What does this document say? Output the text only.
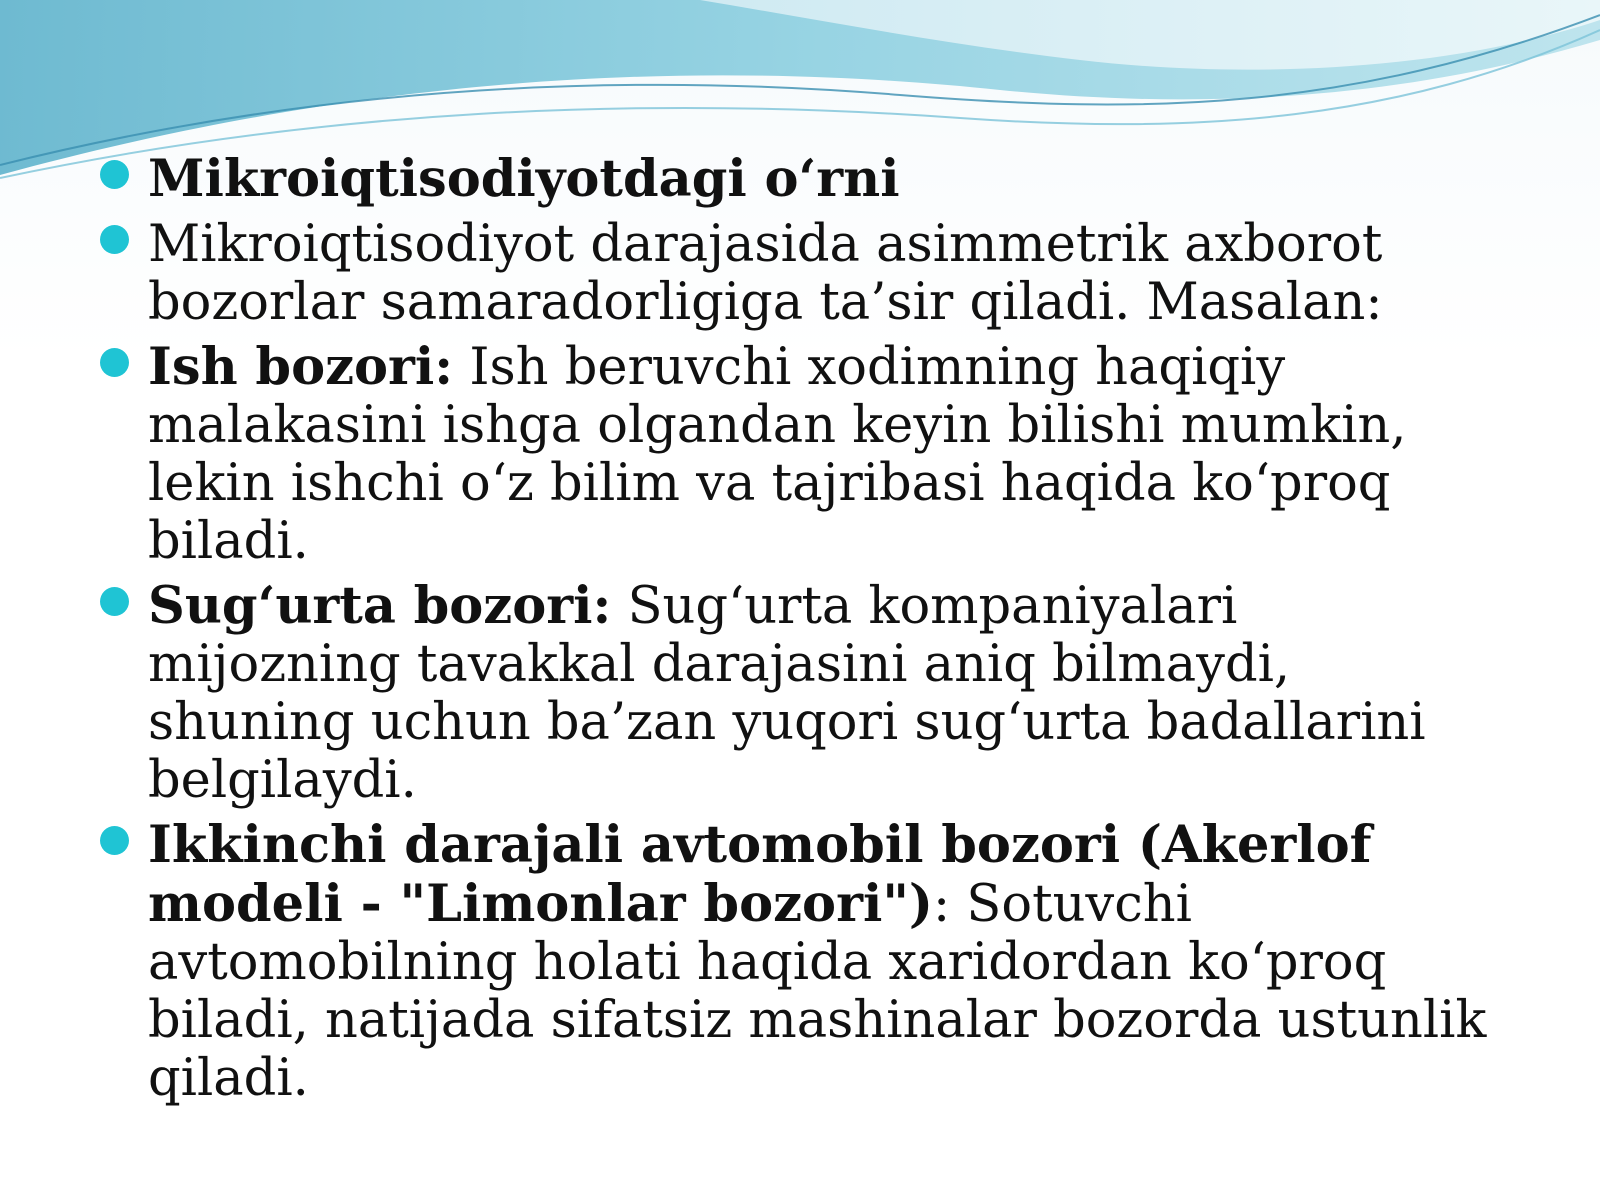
Mikroiqtisodiyotdagi o‘rni
Mikroiqtisodiyot darajasida asimmetrik axborot bozorlar samaradorligiga ta’sir qiladi. Masalan:
Ish bozori: Ish beruvchi xodimning haqiqiy malakasini ishga olgandan keyin bilishi mumkin, lekin ishchi o‘z bilim va tajribasi haqida ko‘proq biladi.
Sug‘urta bozori: Sug‘urta kompaniyalari mijozning tavakkal darajasini aniq bilmaydi, shuning uchun ba’zan yuqori sug‘urta badallarini belgilaydi.
Ikkinchi darajali avtomobil bozori (Akerlof modeli - "Limonlar bozori"): Sotuvchi avtomobilning holati haqida xaridordan ko‘proq biladi, natijada sifatsiz mashinalar bozorda ustunlik qiladi.
